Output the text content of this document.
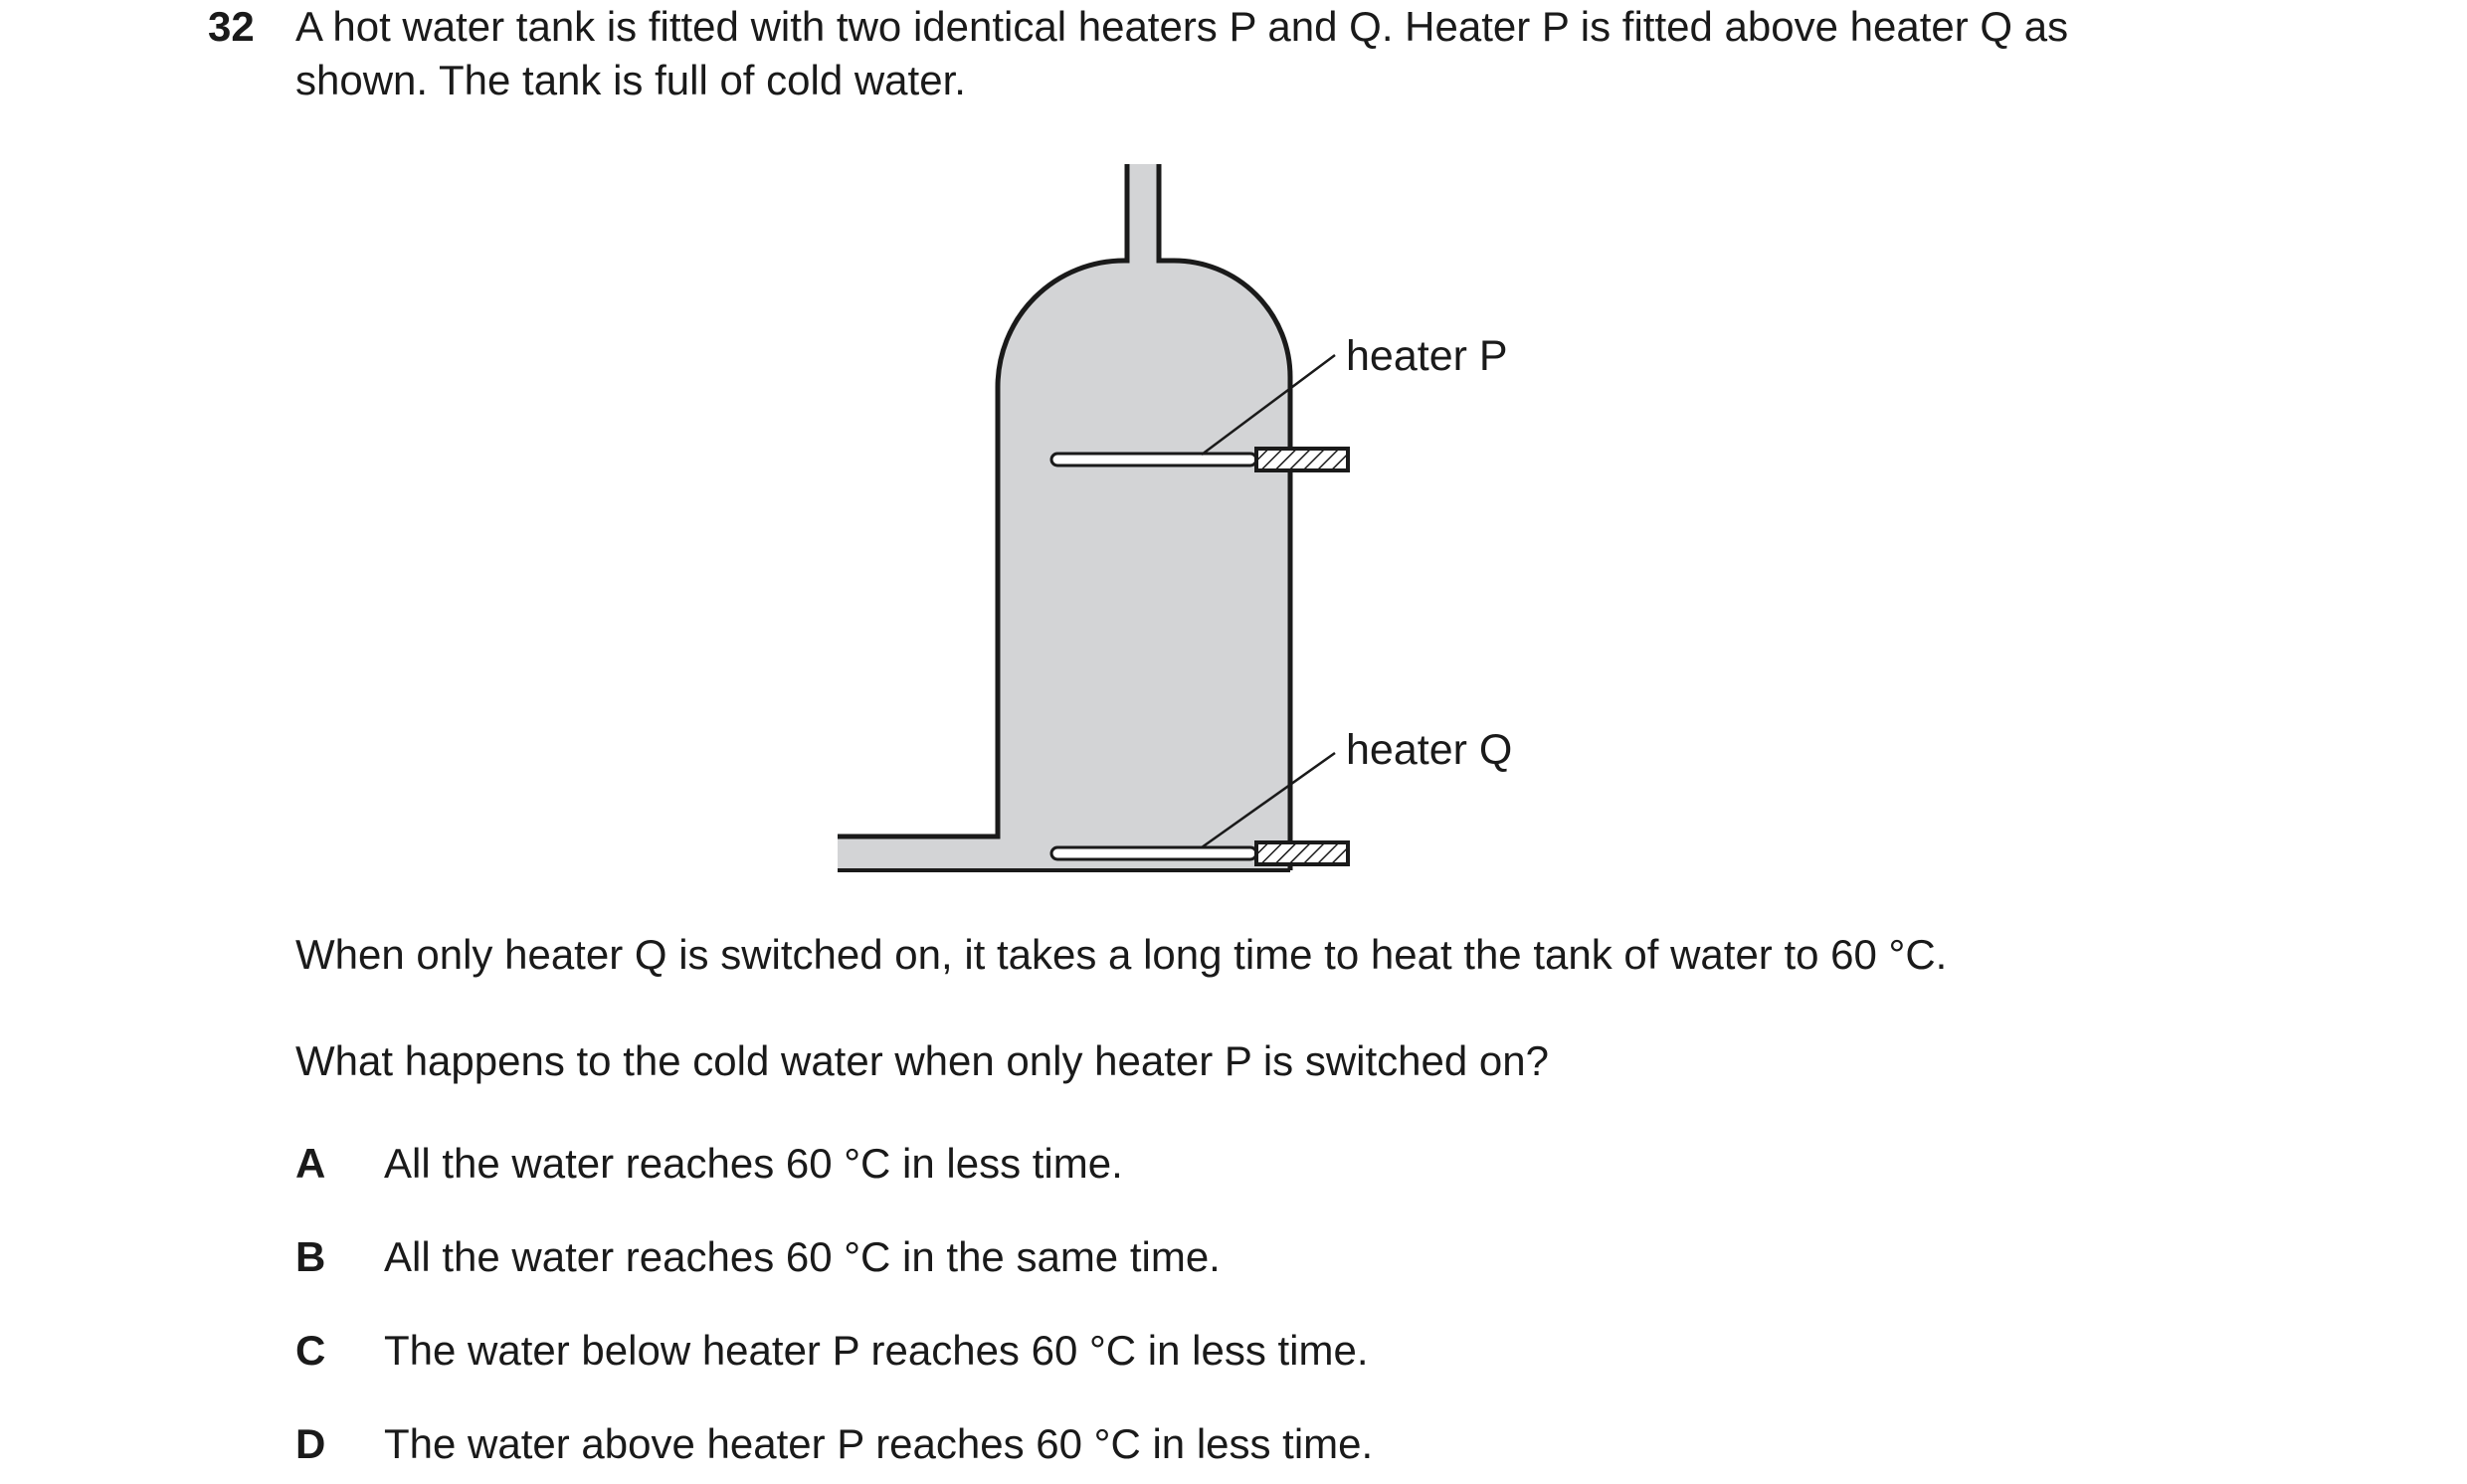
32 A hot water tank is fitted with two identical heaters P and Q. Heater P is fitted above heater Q as
shown. The tank is full of cold water.
heater P
heater Q
When only heater Q is switched on, it takes a long time to heat the tank of water to 60 °C.
What happens to the cold water when only heater P is switched on?
A All the water reaches 60 °C in less time.
B All the water reaches 60 °C in the same time.
C The water below heater P reaches 60 °C in less time.
D The water above heater P reaches 60 °C in less time.
